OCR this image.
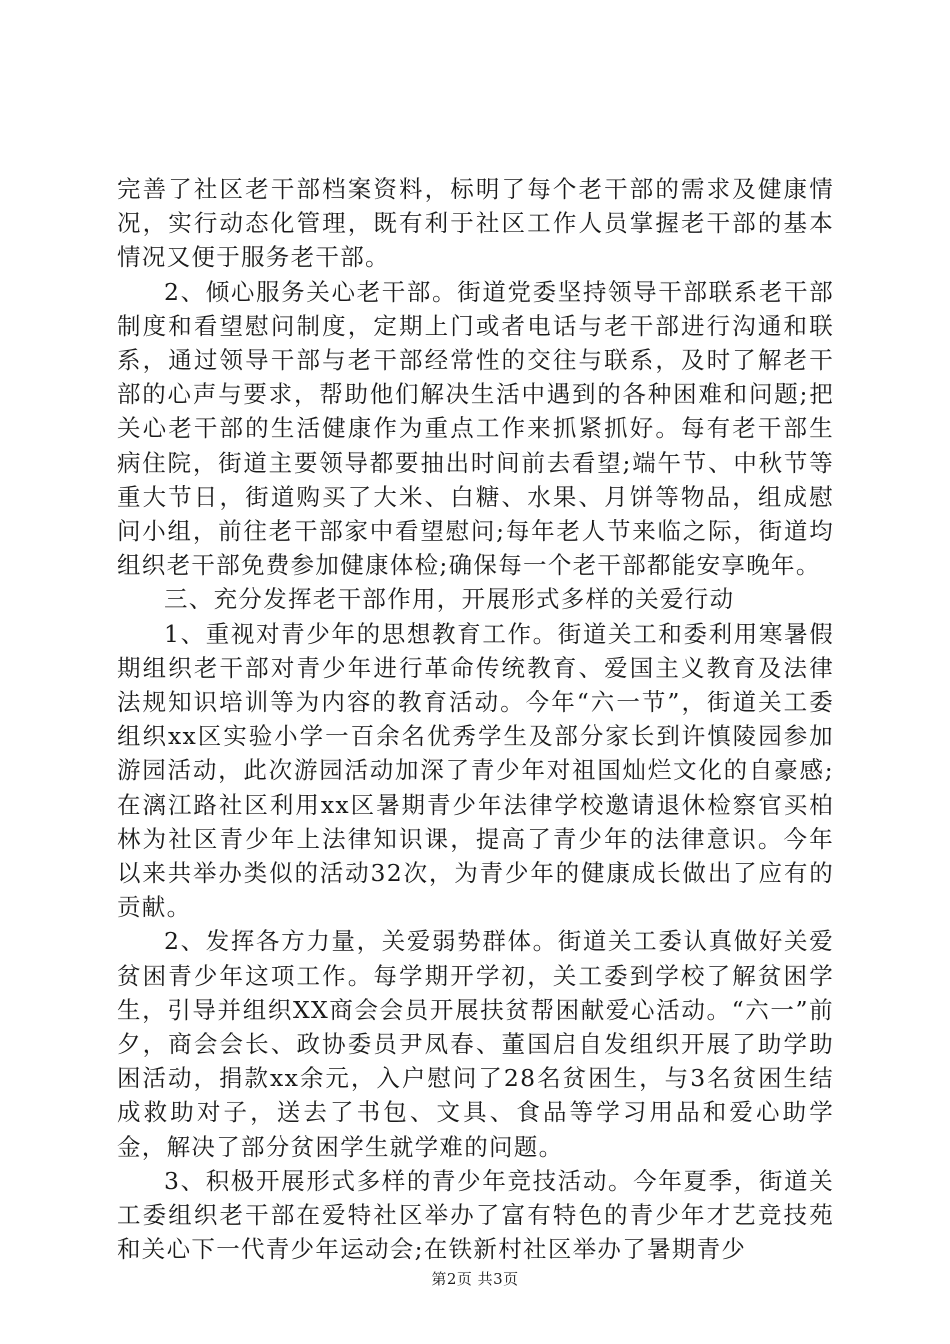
完善了社区老干部档案资料，标明了每个老干部的需求及健康情况，实行动态化管理，既有利于社区工作人员掌握老干部的基本情况又便于服务老干部。

2、倾心服务关心老干部。街道党委坚持领导干部联系老干部制度和看望慰问制度，定期上门或者电话与老干部进行沟通和联系，通过领导干部与老干部经常性的交往与联系，及时了解老干部的心声与要求，帮助他们解决生活中遇到的各种困难和问题;把关心老干部的生活健康作为重点工作来抓紧抓好。每有老干部生病住院，街道主要领导都要抽出时间前去看望;端午节、中秋节等重大节日，街道购买了大米、白糖、水果、月饼等物品，组成慰问小组，前往老干部家中看望慰问;每年老人节来临之际，街道均组织老干部免费参加健康体检;确保每一个老干部都能安享晚年。

三、充分发挥老干部作用，开展形式多样的关爱行动

1、重视对青少年的思想教育工作。街道关工和委利用寒暑假期组织老干部对青少年进行革命传统教育、爱国主义教育及法律法规知识培训等为内容的教育活动。今年“六一节”，街道关工委组织xx区实验小学一百余名优秀学生及部分家长到许慎陵园参加游园活动，此次游园活动加深了青少年对祖国灿烂文化的自豪感;在漓江路社区利用xx区暑期青少年法律学校邀请退休检察官买柏林为社区青少年上法律知识课，提高了青少年的法律意识。今年以来共举办类似的活动32次，为青少年的健康成长做出了应有的贡献。

2、发挥各方力量，关爱弱势群体。街道关工委认真做好关爱贫困青少年这项工作。每学期开学初，关工委到学校了解贫困学生，引导并组织XX商会会员开展扶贫帮困献爱心活动。“六一”前夕，商会会长、政协委员尹凤春、董国启自发组织开展了助学助困活动，捐款xx余元，入户慰问了28名贫困生，与3名贫困生结成救助对子，送去了书包、文具、食品等学习用品和爱心助学金，解决了部分贫困学生就学难的问题。

3、积极开展形式多样的青少年竞技活动。今年夏季，街道关工委组织老干部在爱特社区举办了富有特色的青少年才艺竞技苑和关心下一代青少年运动会;在铁新村社区举办了暑期青少

第2页 共3页
